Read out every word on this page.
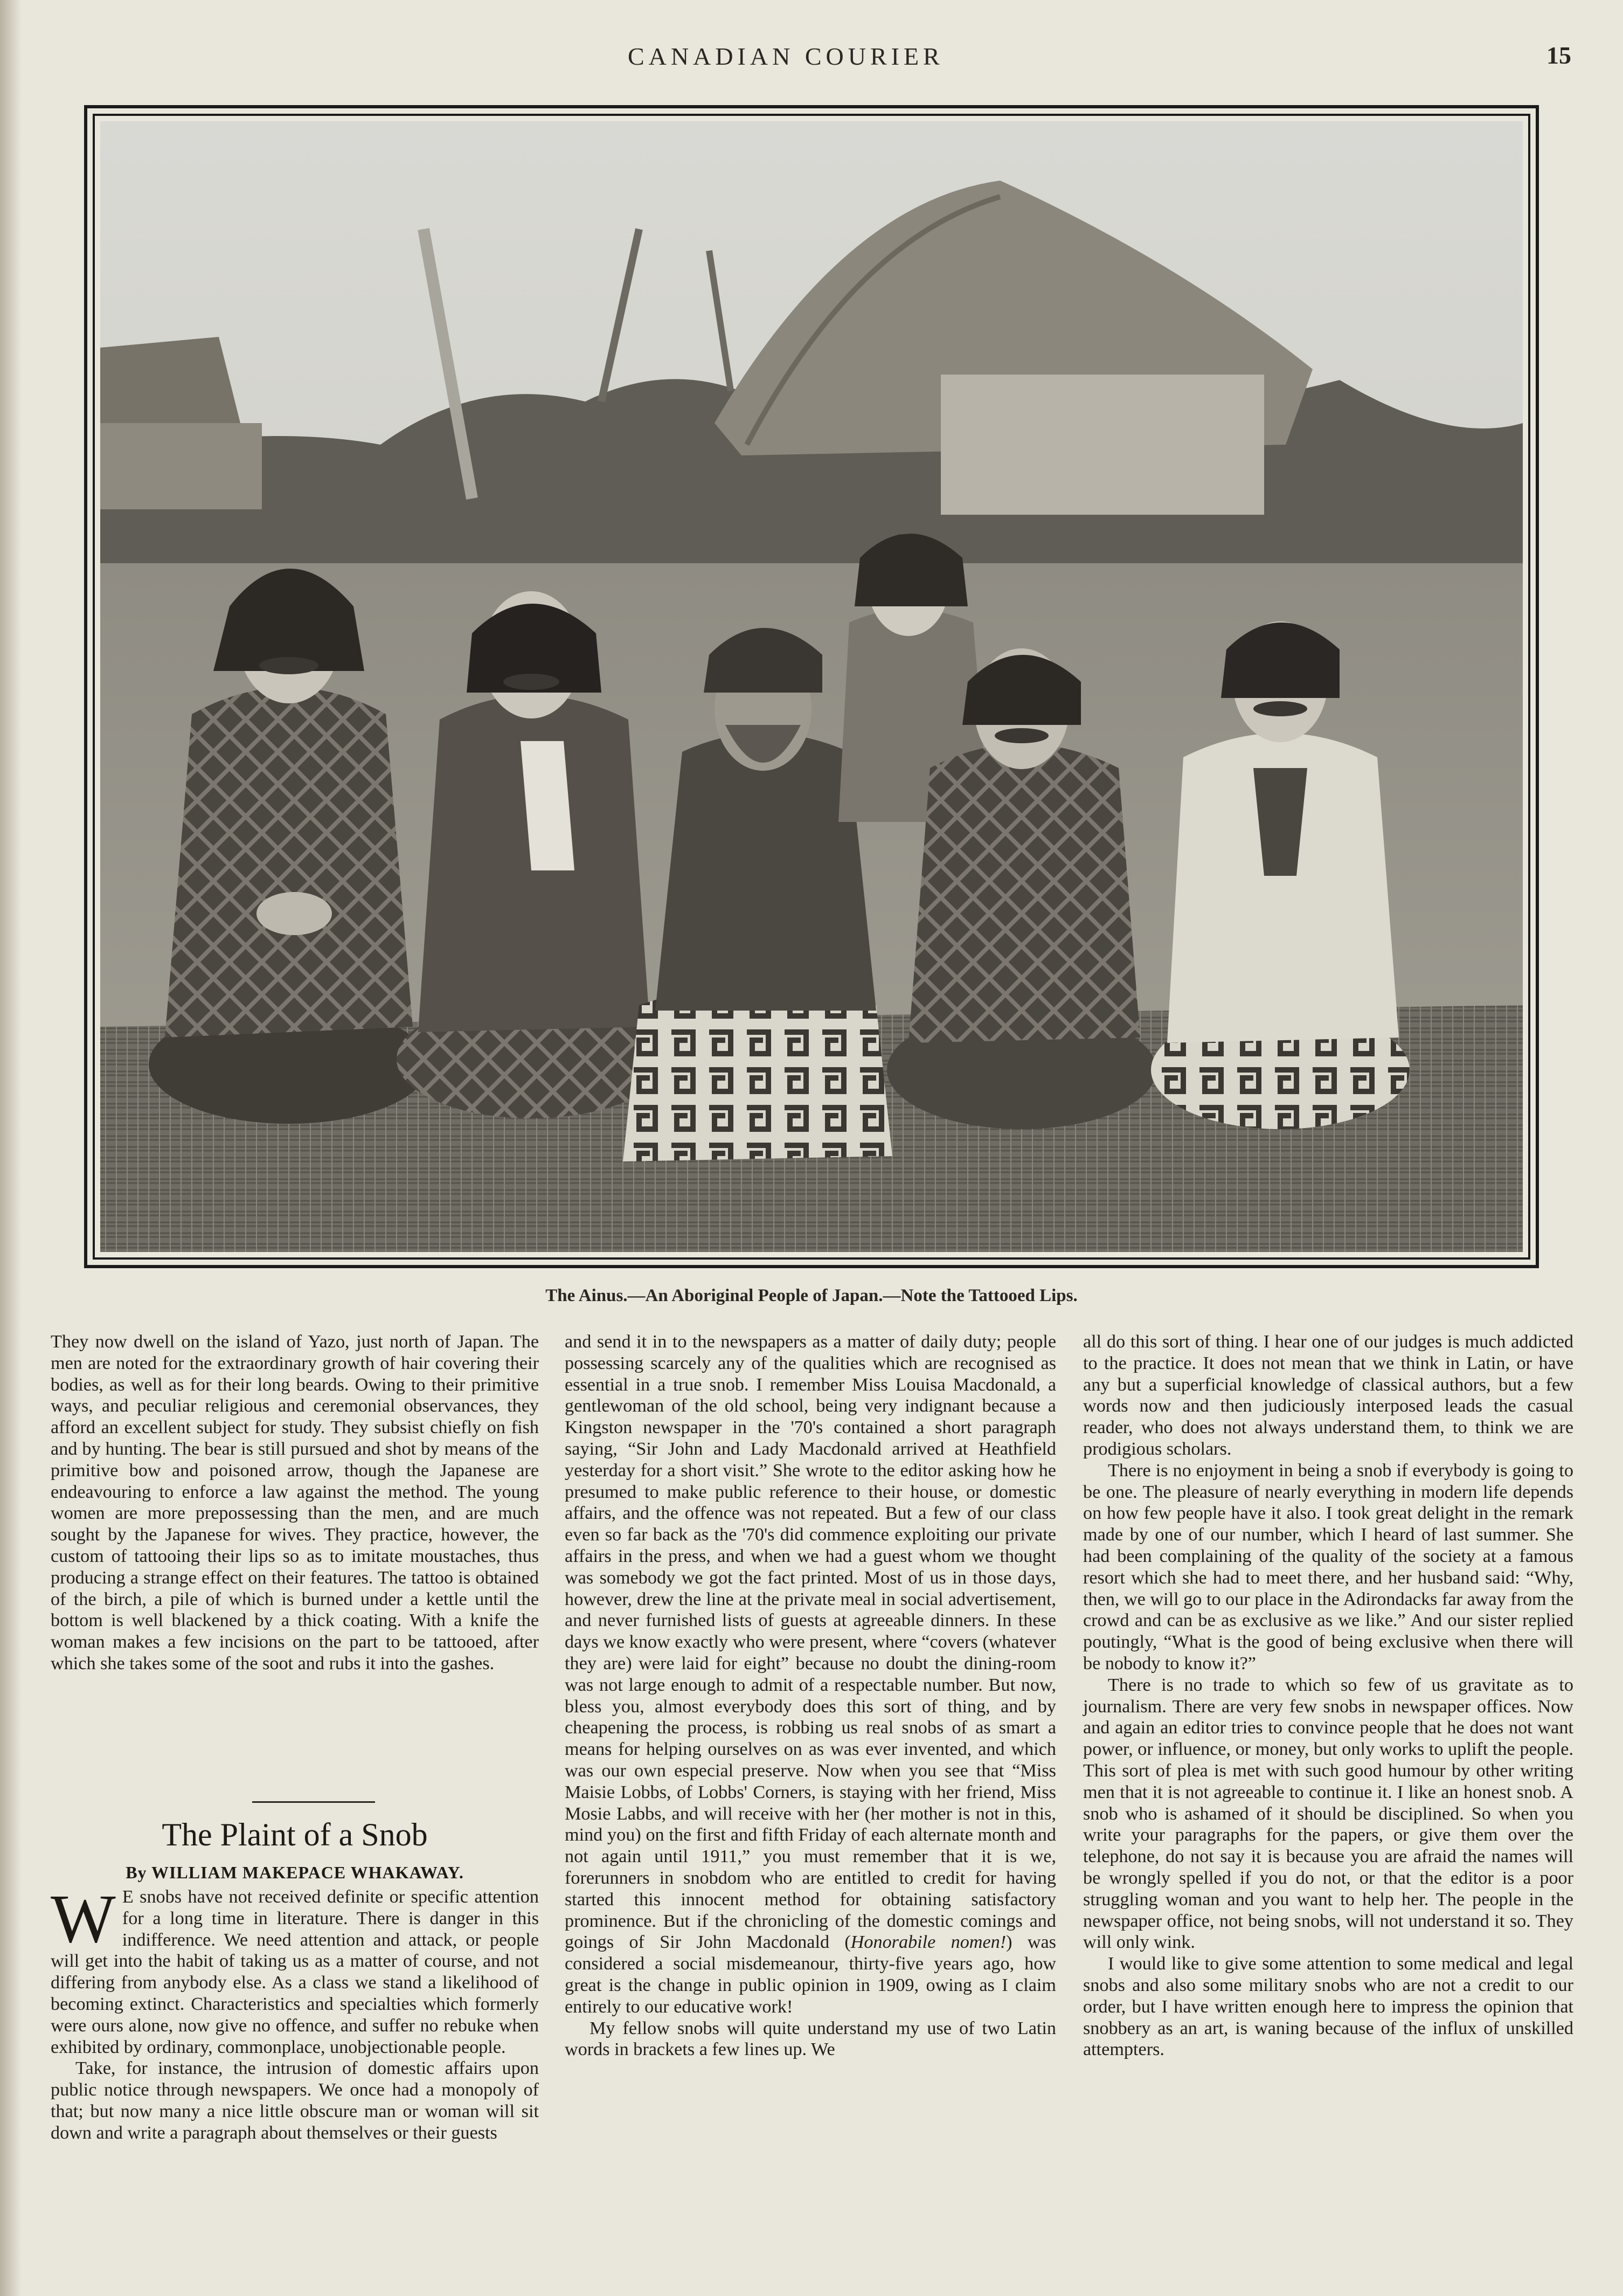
CANADIAN COURIER	15
The Ainus.—An Aboriginal People of Japan.—Note the Tattooed Lips.

They now dwell on the island of Yazo, just north of Japan. The men are noted for the extraordinary growth of hair covering their bodies, as well as for their long beards. Owing to their primitive ways, and peculiar religious and ceremonial observances, they afford an excellent subject for study. They subsist chiefly on fish and by hunting. The bear is still pursued and shot by means of the primitive bow and poisoned arrow, though the Japanese are endeavouring to enforce a law against the method. The young women are more prepossessing than the men, and are much sought by the Japanese for wives. They practice, however, the custom of tattooing their lips so as to imitate moustaches, thus producing a strange effect on their features. The tattoo is obtained of the birch, a pile of which is burned under a kettle until the bottom is well blackened by a thick coating. With a knife the woman makes a few incisions on the part to be tattooed, after which she takes some of the soot and rubs it into the gashes.

The Plaint of a Snob
By WILLIAM MAKEPACE WHAKAWAY.

W E snobs have not received definite or specific attention for a long time in literature. There is danger in this indifference. We need attention and attack, or people will get into the habit of taking us as a matter of course, and not differing from anybody else. As a class we stand a likelihood of becoming extinct. Characteristics and specialties which formerly were ours alone, now give no offence, and suffer no rebuke when exhibited by ordinary, commonplace, unobjectionable people.

Take, for instance, the intrusion of domestic affairs upon public notice through newspapers. We once had a monopoly of that; but now many a nice little obscure man or woman will sit down and write a paragraph about themselves or their guests

and send it in to the newspapers as a matter of daily duty; people possessing scarcely any of the qualities which are recognised as essential in a true snob. I remember Miss Louisa Macdonald, a gentlewoman of the old school, being very indignant because a Kingston newspaper in the '70's contained a short paragraph saying, “Sir John and Lady Macdonald arrived at Heathfield yesterday for a short visit.” She wrote to the editor asking how he presumed to make public reference to their house, or domestic affairs, and the offence was not repeated. But a few of our class even so far back as the '70's did commence exploiting our private affairs in the press, and when we had a guest whom we thought was somebody we got the fact printed. Most of us in those days, however, drew the line at the private meal in social advertisement, and never furnished lists of guests at agreeable dinners. In these days we know exactly who were present, where “covers (whatever they are) were laid for eight” because no doubt the dining-room was not large enough to admit of a respectable number. But now, bless you, almost everybody does this sort of thing, and by cheapening the process, is robbing us real snobs of as smart a means for helping ourselves on as was ever invented, and which was our own especial preserve. Now when you see that “Miss Maisie Lobbs, of Lobbs' Corners, is staying with her friend, Miss Mosie Labbs, and will receive with her (her mother is not in this, mind you) on the first and fifth Friday of each alternate month and not again until 1911,” you must remember that it is we, forerunners in snobdom who are entitled to credit for having started this innocent method for obtaining satisfactory prominence. But if the chronicling of the domestic comings and goings of Sir John Macdonald (Honorabile nomen!) was considered a social misdemeanour, thirty-five years ago, how great is the change in public opinion in 1909, owing as I claim entirely to our educative work!

My fellow snobs will quite understand my use of two Latin words in brackets a few lines up. We

all do this sort of thing. I hear one of our judges is much addicted to the practice. It does not mean that we think in Latin, or have any but a superficial knowledge of classical authors, but a few words now and then judiciously interposed leads the casual reader, who does not always understand them, to think we are prodigious scholars.

There is no enjoyment in being a snob if everybody is going to be one. The pleasure of nearly everything in modern life depends on how few people have it also. I took great delight in the remark made by one of our number, which I heard of last summer. She had been complaining of the quality of the society at a famous resort which she had to meet there, and her husband said: “Why, then, we will go to our place in the Adirondacks far away from the crowd and can be as exclusive as we like.” And our sister replied poutingly, “What is the good of being exclusive when there will be nobody to know it?”

There is no trade to which so few of us gravitate as to journalism. There are very few snobs in newspaper offices. Now and again an editor tries to convince people that he does not want power, or influence, or money, but only works to uplift the people. This sort of plea is met with such good humour by other writing men that it is not agreeable to continue it. I like an honest snob. A snob who is ashamed of it should be disciplined. So when you write your paragraphs for the papers, or give them over the telephone, do not say it is because you are afraid the names will be wrongly spelled if you do not, or that the editor is a poor struggling woman and you want to help her. The people in the newspaper office, not being snobs, will not understand it so. They will only wink.

I would like to give some attention to some medical and legal snobs and also some military snobs who are not a credit to our order, but I have written enough here to impress the opinion that snobbery as an art, is waning because of the influx of unskilled attempters.
